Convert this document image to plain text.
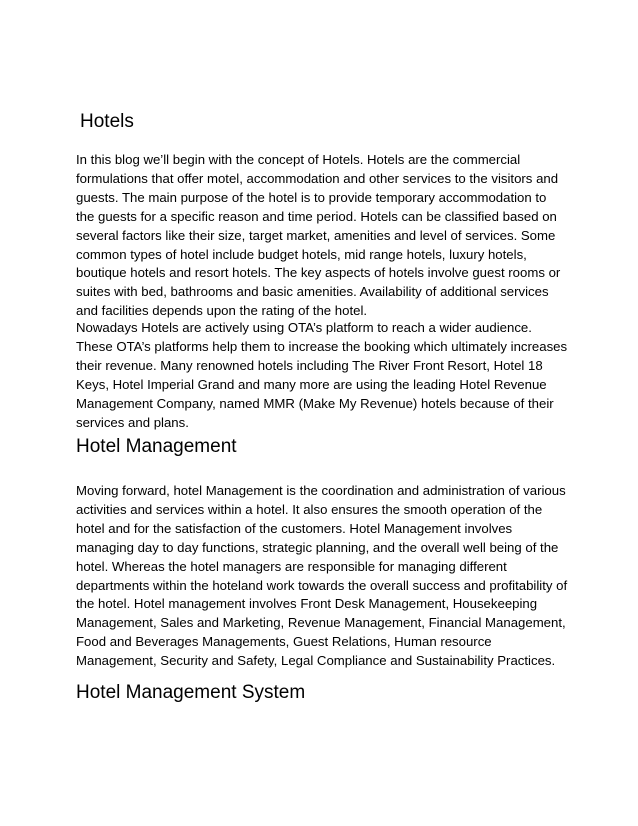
Hotels

In this blog we’ll begin with the concept of Hotels. Hotels are the commercial formulations that offer motel, accommodation and other services to the visitors and guests. The main purpose of the hotel is to provide temporary accommodation to the guests for a specific reason and time period. Hotels can be classified based on several factors like their size, target market, amenities and level of services. Some common types of hotel include budget hotels, mid range hotels, luxury hotels, boutique hotels and resort hotels. The key aspects of hotels involve guest rooms or suites with bed, bathrooms and basic amenities. Availability of additional services and facilities depends upon the rating of the hotel.

Nowadays Hotels are actively using OTA’s platform to reach a wider audience. These OTA’s platforms help them to increase the booking which ultimately increases their revenue. Many renowned hotels including The River Front Resort, Hotel 18 Keys, Hotel Imperial Grand and many more are using the leading Hotel Revenue Management Company, named MMR (Make My Revenue) hotels because of their services and plans.

Hotel Management

Moving forward, hotel Management is the coordination and administration of various activities and services within a hotel. It also ensures the smooth operation of the hotel and for the satisfaction of the customers. Hotel Management involves managing day to day functions, strategic planning, and the overall well being of the hotel. Whereas the hotel managers are responsible for managing different departments within the hoteland work towards the overall success and profitability of the hotel. Hotel management involves Front Desk Management, Housekeeping Management, Sales and Marketing, Revenue Management, Financial Management, Food and Beverages Managements, Guest Relations, Human resource Management, Security and Safety, Legal Compliance and Sustainability Practices.

Hotel Management System
